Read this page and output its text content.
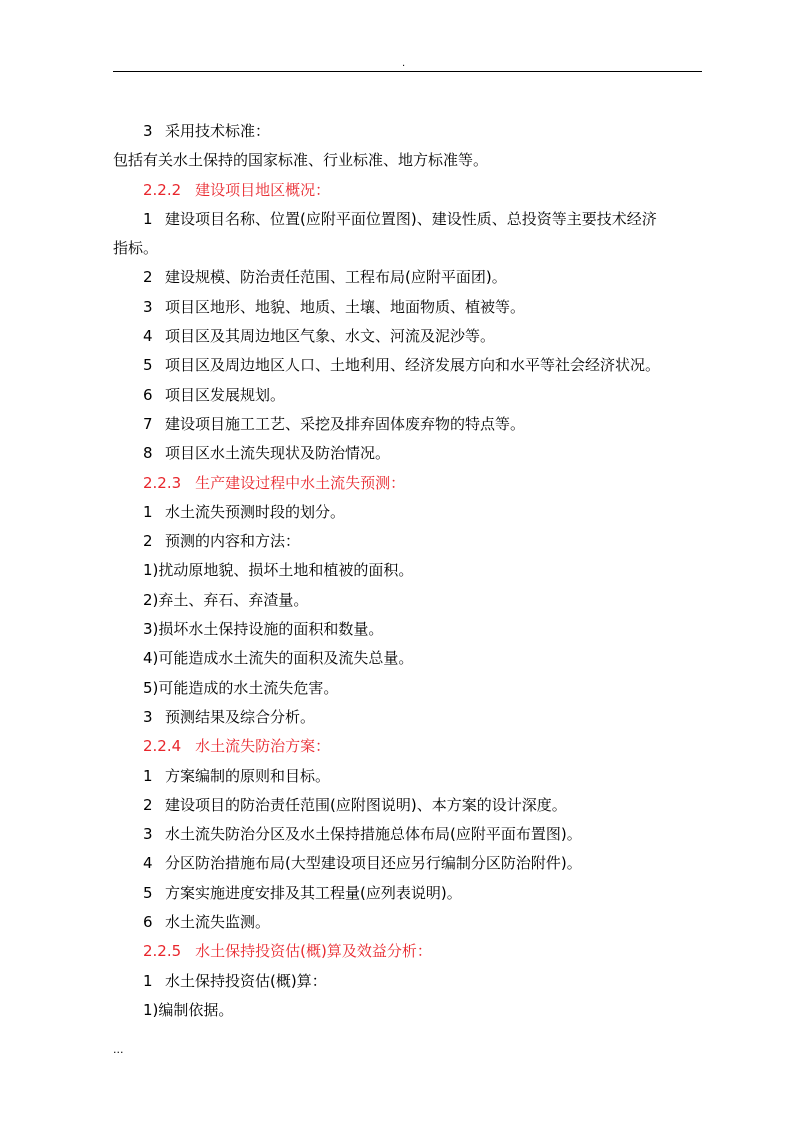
.
3 采用技术标准：
包括有关水土保持的国家标准、行业标准、地方标准等。
2.2.2 建设项目地区概况：
1 建设项目名称、位置(应附平面位置图)、建设性质、总投资等主要技术经济
指标。
2 建设规模、防治责任范围、工程布局(应附平面团)。
3 项目区地形、地貌、地质、土壤、地面物质、植被等。
4 项目区及其周边地区气象、水文、河流及泥沙等。
5 项目区及周边地区人口、土地利用、经济发展方向和水平等社会经济状况。
6 项目区发展规划。
7 建设项目施工工艺、采挖及排弃固体废弃物的特点等。
8 项目区水土流失现状及防治情况。
2.2.3 生产建设过程中水土流失预测：
1 水土流失预测时段的划分。
2 预测的内容和方法：
1)扰动原地貌、损坏土地和植被的面积。
2)弃土、弃石、弃渣量。
3)损坏水土保持设施的面积和数量。
4)可能造成水土流失的面积及流失总量。
5)可能造成的水土流失危害。
3 预测结果及综合分析。
2.2.4 水土流失防治方案：
1 方案编制的原则和目标。
2 建设项目的防治责任范围(应附图说明)、本方案的设计深度。
3 水土流失防治分区及水土保持措施总体布局(应附平面布置图)。
4 分区防治措施布局(大型建设项目还应另行编制分区防治附件)。
5 方案实施进度安排及其工程量(应列表说明)。
6 水土流失监测。
2.2.5 水土保持投资估(概)算及效益分析：
1 水土保持投资估(概)算：
1)编制依据。
...
